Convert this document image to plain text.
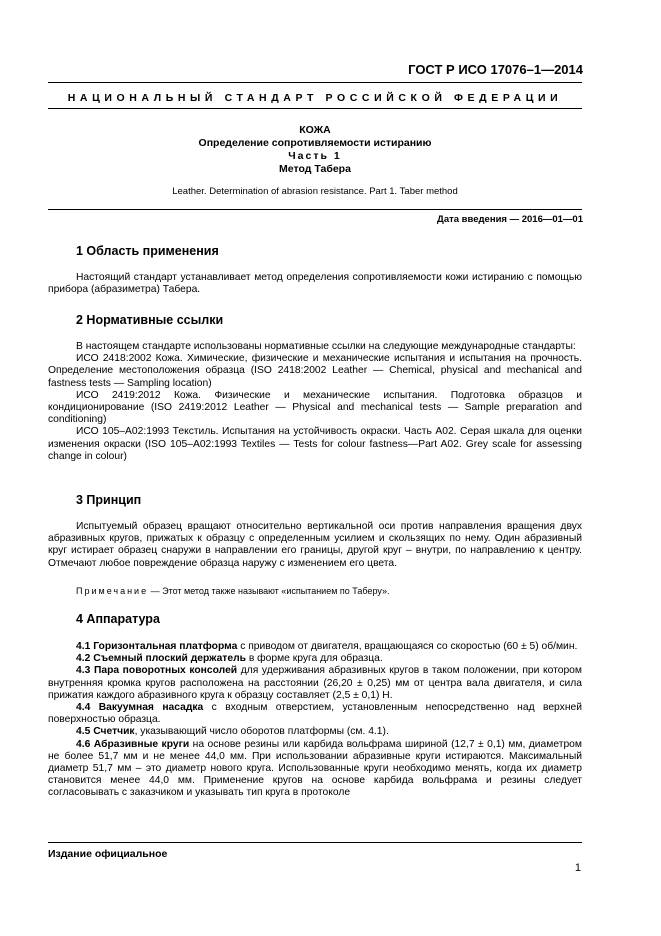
ГОСТ Р ИСО 17076–1—2014
НАЦИОНАЛЬНЫЙ СТАНДАРТ РОССИЙСКОЙ ФЕДЕРАЦИИ
КОЖА
Определение сопротивляемости истиранию
Часть 1
Метод Табера
Leather. Determination of abrasion resistance. Part 1. Taber method
Дата введения — 2016—01—01
1 Область применения

Настоящий стандарт устанавливает метод определения сопротивляемости кожи истиранию с помощью прибора (абразиметра) Табера.

2 Нормативные ссылки

В настоящем стандарте использованы нормативные ссылки на следующие международные стандарты:

ИСО 2418:2002 Кожа. Химические, физические и механические испытания и испытания на прочность. Определение местоположения образца (ISO 2418:2002 Leather — Chemical, physical and mechanical and fastness tests — Sampling location)

ИСО 2419:2012 Кожа. Физические и механические испытания. Подготовка образцов и кондиционирование (ISO 2419:2012 Leather — Physical and mechanical tests — Sample preparation and conditioning)

ИСО 105–A02:1993 Текстиль. Испытания на устойчивость окраски. Часть A02. Серая шкала для оценки изменения окраски (ISO 105–A02:1993 Textiles — Tests for colour fastness—Part A02. Grey scale for assessing change in colour)

3 Принцип

Испытуемый образец вращают относительно вертикальной оси против направления вращения двух абразивных кругов, прижатых к образцу с определенным усилием и скользящих по нему. Один абразивный круг истирает образец снаружи в направлении его границы, другой круг – внутри, по направлению к центру. Отмечают любое повреждение образца наружу с изменением его цвета.

Примечание — Этот метод также называют «испытанием по Таберу».
4 Аппаратура

4.1 Горизонтальная платформа с приводом от двигателя, вращающаяся со скоростью (60 ± 5) об/мин.

4.2 Съемный плоский держатель в форме круга для образца.

4.3 Пара поворотных консолей для удерживания абразивных кругов в таком положении, при котором внутренняя кромка кругов расположена на расстоянии (26,20 ± 0,25) мм от центра вала двигателя, и сила прижатия каждого абразивного круга к образцу составляет (2,5 ± 0,1) Н.

4.4 Вакуумная насадка с входным отверстием, установленным непосредственно над верхней поверхностью образца.

4.5 Счетчик, указывающий число оборотов платформы (см. 4.1).

4.6 Абразивные круги на основе резины или карбида вольфрама шириной (12,7 ± 0,1) мм, диаметром не более 51,7 мм и не менее 44,0 мм. При использовании абразивные круги истираются. Максимальный диаметр 51,7 мм – это диаметр нового круга. Использованные круги необходимо менять, когда их диаметр становится менее 44,0 мм. Применение кругов на основе карбида вольфрама и резины следует согласовывать с заказчиком и указывать тип круга в протоколе

Издание официальное
1
